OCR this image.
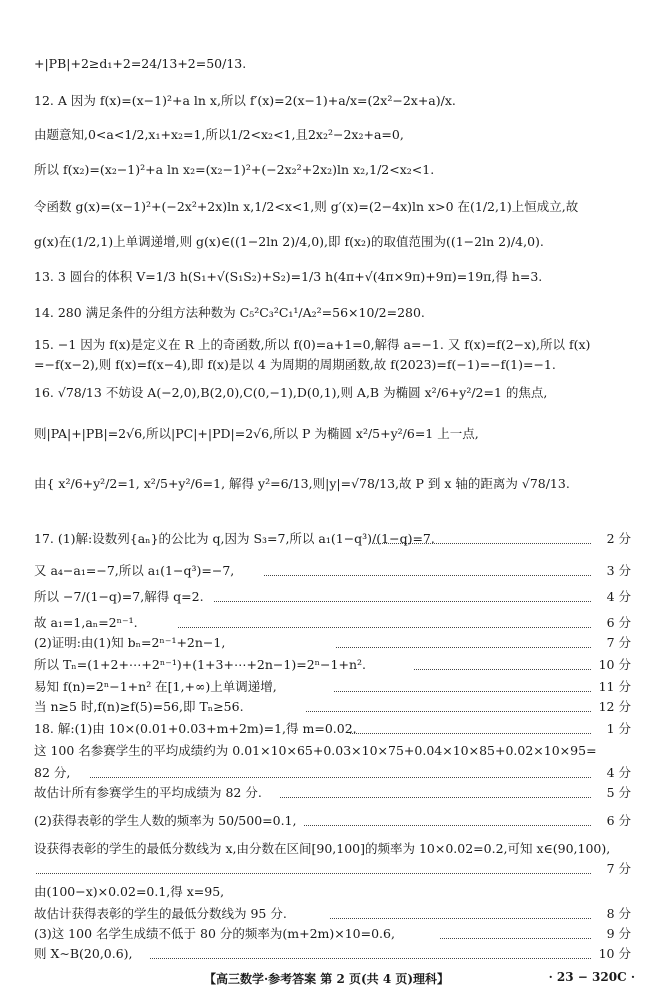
+|PB|+2≥d₁+2=24/13+2=50/13.
12. A 因为 f(x)=(x−1)²+a ln x,所以 f′(x)=2(x−1)+a/x=(2x²−2x+a)/x.
由题意知,0<a<1/2,x₁+x₂=1,所以1/2<x₂<1,且2x₂²−2x₂+a=0,
所以 f(x₂)=(x₂−1)²+a ln x₂=(x₂−1)²+(−2x₂²+2x₂)ln x₂,1/2<x₂<1.
令函数 g(x)=(x−1)²+(−2x²+2x)ln x,1/2<x<1,则 g′(x)=(2−4x)ln x>0 在(1/2,1)上恒成立,故
g(x)在(1/2,1)上单调递增,则 g(x)∈((1−2ln 2)/4,0),即 f(x₂)的取值范围为((1−2ln 2)/4,0).
13. 3 圆台的体积 V=1/3 h(S₁+√(S₁S₂)+S₂)=1/3 h(4π+√(4π×9π)+9π)=19π,得 h=3.
14. 280 满足条件的分组方法种数为 C₅²C₃²C₁¹/A₂²=56×10/2=280.
15. −1 因为 f(x)是定义在 R 上的奇函数,所以 f(0)=a+1=0,解得 a=−1. 又 f(x)=f(2−x),所以 f(x)
=−f(x−2),则 f(x)=f(x−4),即 f(x)是以 4 为周期的周期函数,故 f(2023)=f(−1)=−f(1)=−1.
16. √78/13 不妨设 A(−2,0),B(2,0),C(0,−1),D(0,1),则 A,B 为椭圆 x²/6+y²/2=1 的焦点,
则|PA|+|PB|=2√6,所以|PC|+|PD|=2√6,所以 P 为椭圆 x²/5+y²/6=1 上一点,
由{ x²/6+y²/2=1, x²/5+y²/6=1, 解得 y²=6/13,则|y|=√78/13,故 P 到 x 轴的距离为 √78/13.
17. (1)解:设数列{aₙ}的公比为 q,因为 S₃=7,所以 a₁(1−q³)/(1−q)=7.
又 a₄−a₁=−7,所以 a₁(1−q³)=−7,
所以 −7/(1−q)=7,解得 q=2.
故 a₁=1,aₙ=2ⁿ⁻¹.
(2)证明:由(1)知 bₙ=2ⁿ⁻¹+2n−1,
所以 Tₙ=(1+2+⋯+2ⁿ⁻¹)+(1+3+⋯+2n−1)=2ⁿ−1+n².
易知 f(n)=2ⁿ−1+n² 在[1,+∞)上单调递增,
当 n≥5 时,f(n)≥f(5)=56,即 Tₙ≥56.
18. 解:(1)由 10×(0.01+0.03+m+2m)=1,得 m=0.02.
这 100 名参赛学生的平均成绩约为 0.01×10×65+0.03×10×75+0.04×10×85+0.02×10×95=
82 分,
故估计所有参赛学生的平均成绩为 82 分.
(2)获得表彰的学生人数的频率为 50/500=0.1,
设获得表彰的学生的最低分数线为 x,由分数在区间[90,100]的频率为 10×0.02=0.2,可知 x∈(90,100),
由(100−x)×0.02=0.1,得 x=95,
故估计获得表彰的学生的最低分数线为 95 分.
(3)这 100 名学生成绩不低于 80 分的频率为(m+2m)×10=0.6,
则 X∼B(20,0.6),
2 分
3 分
4 分
6 分
7 分
10 分
11 分
12 分
1 分
4 分
5 分
6 分
7 分
8 分
9 分
10 分
【高三数学·参考答案 第 2 页(共 4 页)理科】	· 23 − 320C ·
